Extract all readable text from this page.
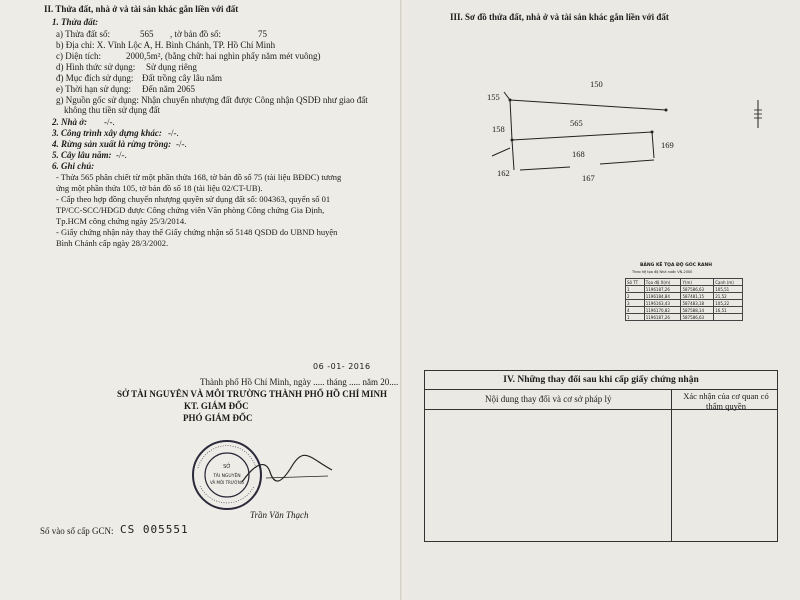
II. Thửa đất, nhà ở và tài sản khác gắn liền với đất
1. Thửa đất:
a) Thửa đất số:	565 , tờ bản đồ số:	75
b) Địa chỉ: X. Vĩnh Lộc A, H. Bình Chánh, TP. Hồ Chí Minh
c) Diện tích:	2000,5m², (bằng chữ: hai nghìn phẩy năm mét vuông)
d) Hình thức sử dụng: Sử dụng riêng
đ) Mục đích sử dụng: Đất trồng cây lâu năm
e) Thời hạn sử dụng: Đến năm 2065
g) Nguồn gốc sử dụng: Nhận chuyển nhượng đất được Công nhận QSDĐ như giao đất
không thu tiền sử dụng đất
2. Nhà ở: -/-.
3. Công trình xây dựng khác: -/-.
4. Rừng sản xuất là rừng trồng: -/-.
5. Cây lâu năm: -/-.
6. Ghi chú:
- Thửa 565 phân chiết từ một phần thửa 168, tờ bản đồ số 75 (tài liệu BĐĐC) tương
ứng một phần thửa 105, tờ bản đồ số 18 (tài liệu 02/CT-UB).
- Cấp theo hợp đồng chuyển nhượng quyền sử dụng đất số: 004363, quyển số 01
TP/CC-SCC/HĐGD được Công chứng viên Văn phòng Công chứng Gia Định,
Tp.HCM công chứng ngày 25/3/2014.
- Giấy chứng nhận này thay thế Giấy chứng nhận số 5148 QSDĐ do UBND huyện
Bình Chánh cấp ngày 28/3/2002.
06 -01- 2016
Thành phố Hồ Chí Minh, ngày ..... tháng ..... năm 20....
SỞ TÀI NGUYÊN VÀ MÔI TRƯỜNG THÀNH PHỐ HỒ CHÍ MINH
KT. GIÁM ĐỐC
PHÓ GIÁM ĐỐC
SỞ
TÀI NGUYÊN
VÀ MÔI TRƯỜNG
Trần Văn Thạch
Số vào sổ cấp GCN: CS 005551
III. Sơ đồ thửa đất, nhà ở và tài sản khác gắn liền với đất
150
155
565
158
169
168
162	167
BẢNG KÊ TỌA ĐỘ GÓC RANH
Theo hệ tọa độ Nhà nước VN-2000
Số TT	Tọa độ X(m)	Y(m)	Cạnh (m)
1	1196187,26	587586,63	105,51
2	1196184,84	587481,15	21,52
3	1196163,43	587483,18	105,22
4	1196170,82	587588,14	16,51
1	1196187,26	587586,63	
IV. Những thay đổi sau khi cấp giấy chứng nhận
Nội dung thay đổi và cơ sở pháp lý	Xác nhận của cơ quan có thẩm quyền
